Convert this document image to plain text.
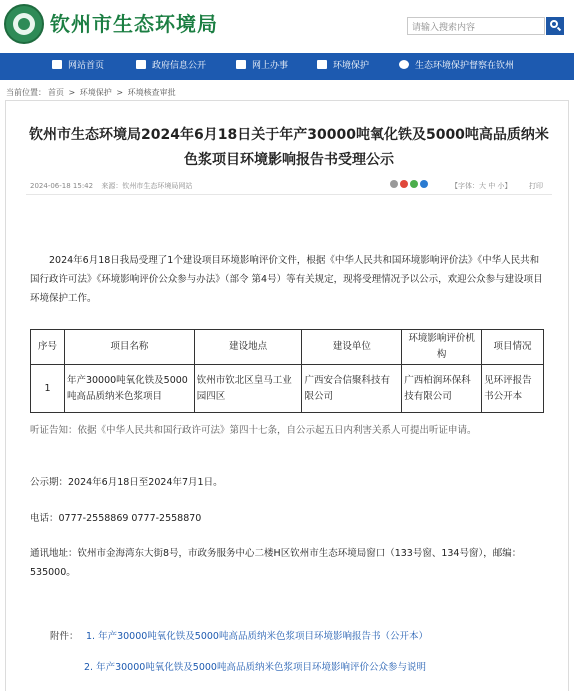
钦州市生态环境局	请输入搜索内容
网站首页	政府信息公开	网上办事	环境保护	生态环境保护督察在钦州
当前位置： 首页 > 环境保护 > 环境核查审批
钦州市生态环境局2024年6月18日关于年产30000吨氧化铁及5000吨高品质纳米色浆项目环境影响报告书受理公示
2024-06-18 15:42 来源：钦州市生态环境局网站	【字体：大 中 小】	打印
2024年6月18日我局受理了1个建设项目环境影响评价文件，根据《中华人民共和国环境影响评价法》《中华人民共和国行政许可法》《环境影响评价公众参与办法》（部令 第4号）等有关规定，现将受理情况予以公示，欢迎公众参与建设项目环境保护工作。
序号	项目名称	建设地点	建设单位	环境影响评价机构	项目情况
1	年产30000吨氧化铁及5000吨高品质纳米色浆项目	钦州市钦北区皇马工业园四区	广西安合信聚科技有限公司	广西柏润环保科技有限公司	见环评报告书公开本
听证告知：依据《中华人民共和国行政许可法》第四十七条，自公示起五日内利害关系人可提出听证申请。
公示期：2024年6月18日至2024年7月1日。
电话：0777-2558869 0777-2558870
通讯地址：钦州市金海湾东大街8号，市政务服务中心二楼H区钦州市生态环境局窗口（133号窗、134号窗），邮编：535000。
附件： 1. 年产30000吨氧化铁及5000吨高品质纳米色浆项目环境影响报告书（公开本）
2. 年产30000吨氧化铁及5000吨高品质纳米色浆项目环境影响评价公众参与说明
